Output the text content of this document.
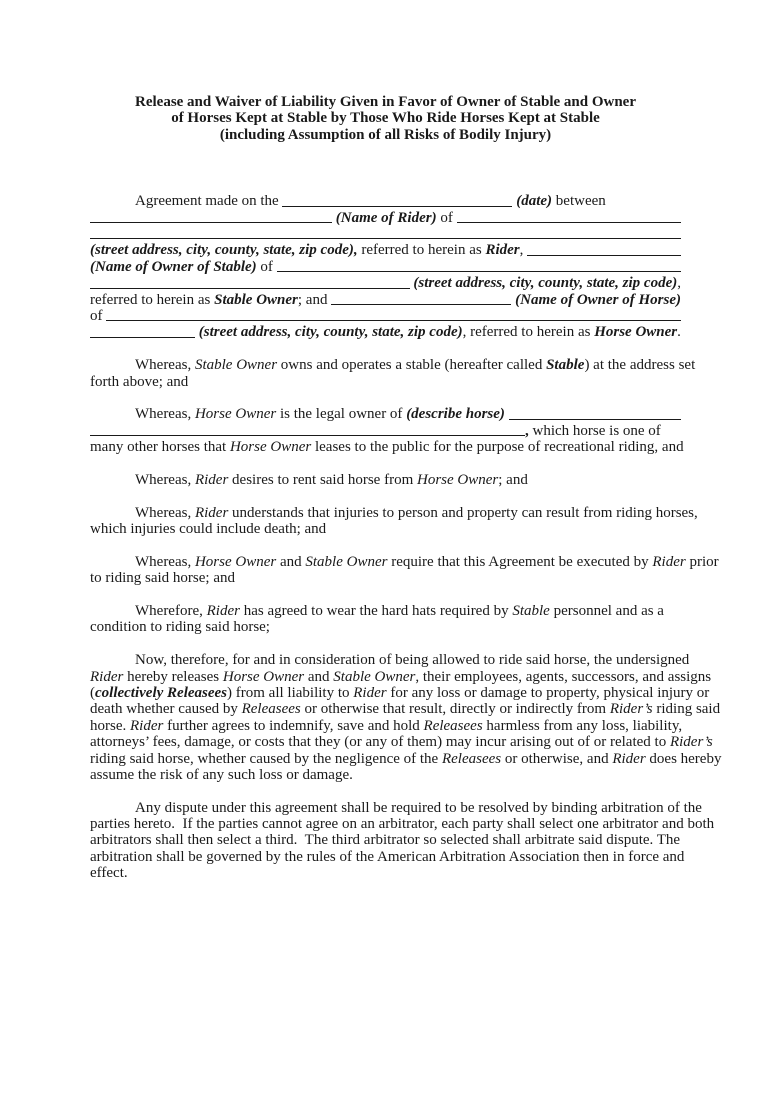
Release and Waiver of Liability Given in Favor of Owner of Stable and Owner
of Horses Kept at Stable by Those Who Ride Horses Kept at Stable
(including Assumption of all Risks of Bodily Injury)
Agreement made on the
	(date) between

(Name of Rider) of
(street address, city, county, state, zip code), referred to herein as Rider ,
(Name of Owner of Stable) of

(street address, city, county, state, zip code) ,
referred to herein as Stable Owner ; and
	(Name of Owner of Horse)
of

(street address, city, county, state, zip code) , referred to herein as Horse Owner .
Whereas, Stable Owner owns and operates a stable (hereafter called Stable ) at the address set
forth above; and
Whereas, Horse Owner is the legal owner of (describe horse)

, which horse is one of
many other horses that Horse Owner leases to the public for the purpose of recreational riding, and
Whereas, Rider desires to rent said horse from Horse Owner ; and
Whereas, Rider understands that injuries to person and property can result from riding horses,
which injuries could include death; and
Whereas, Horse Owner and Stable Owner require that this Agreement be executed by Rider prior
to riding said horse; and
Wherefore, Rider has agreed to wear the hard hats required by Stable personnel and as a
condition to riding said horse;
Now, therefore, for and in consideration of being allowed to ride said horse, the undersigned
Rider hereby releases Horse Owner and Stable Owner , their employees, agents, successors, and assigns
( collectively Releasees ) from all liability to Rider for any loss or damage to property, physical injury or
death whether caused by Releasees or otherwise that result, directly or indirectly from Rider’s riding said
horse. Rider further agrees to indemnify, save and hold Releasees harmless from any loss, liability,
attorneys’ fees, damage, or costs that they (or any of them) may incur arising out of or related to Rider’s
riding said horse, whether caused by the negligence of the Releasees or otherwise, and Rider does hereby
assume the risk of any such loss or damage.
Any dispute under this agreement shall be required to be resolved by binding arbitration of the
parties hereto.  If the parties cannot agree on an arbitrator, each party shall select one arbitrator and both
arbitrators shall then select a third.  The third arbitrator so selected shall arbitrate said dispute. The
arbitration shall be governed by the rules of the American Arbitration Association then in force and
effect.
